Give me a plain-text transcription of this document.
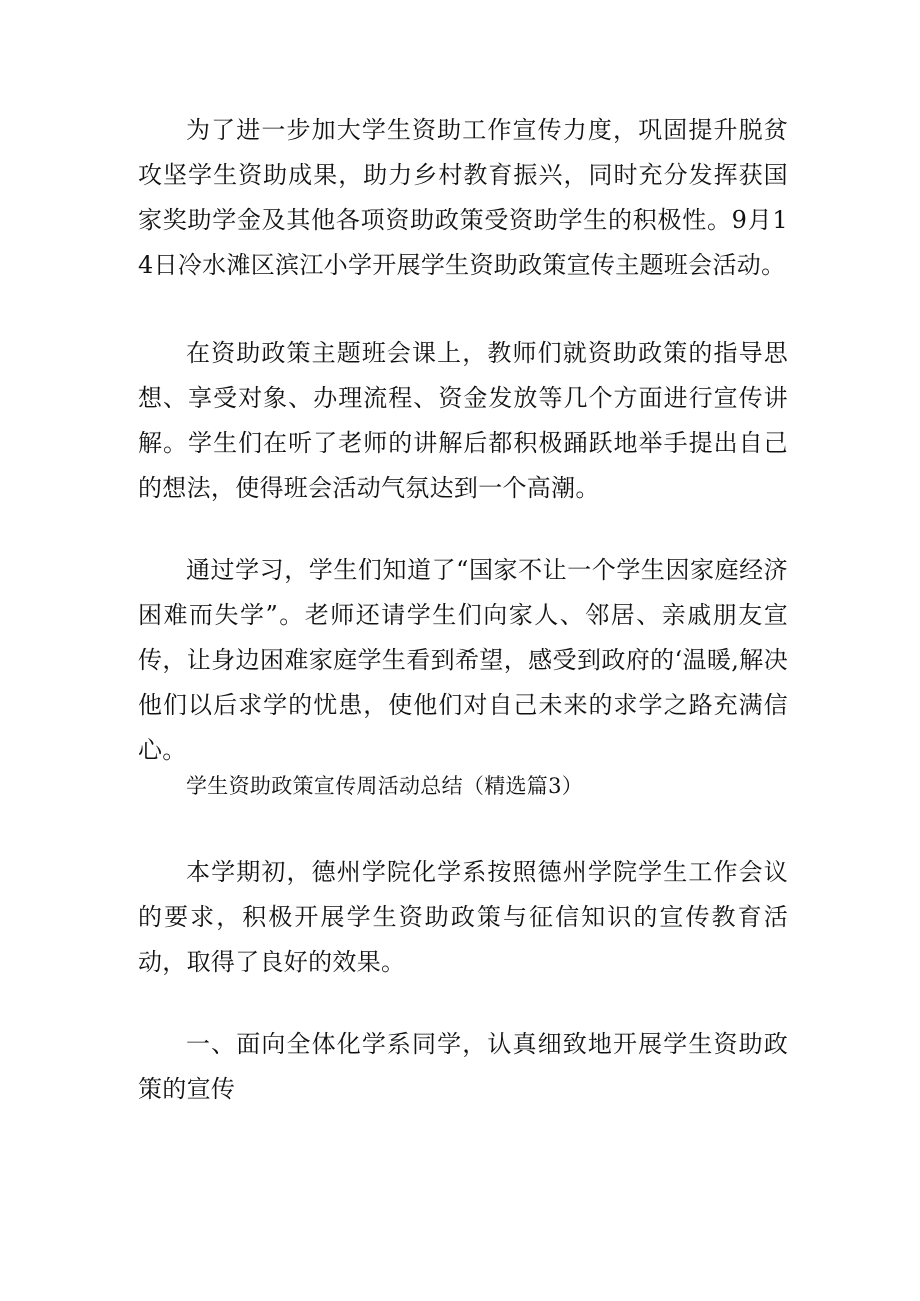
为了进一步加大学生资助工作宣传力度，巩固提升脱贫攻坚学生资助成果，助力乡村教育振兴，同时充分发挥获国家奖助学金及其他各项资助政策受资助学生的积极性。9月14日冷水滩区滨江小学开展学生资助政策宣传主题班会活动。

在资助政策主题班会课上，教师们就资助政策的指导思想、享受对象、办理流程、资金发放等几个方面进行宣传讲解。学生们在听了老师的讲解后都积极踊跃地举手提出自己的想法，使得班会活动气氛达到一个高潮。

通过学习，学生们知道了“国家不让一个学生因家庭经济困难而失学”。老师还请学生们向家人、邻居、亲戚朋友宣传，让身边困难家庭学生看到希望，感受到政府的‘温暖,解决他们以后求学的忧患，使他们对自己未来的求学之路充满信心。

学生资助政策宣传周活动总结（精选篇3）

本学期初，德州学院化学系按照德州学院学生工作会议的要求，积极开展学生资助政策与征信知识的宣传教育活动，取得了良好的效果。

一、面向全体化学系同学，认真细致地开展学生资助政策的宣传
